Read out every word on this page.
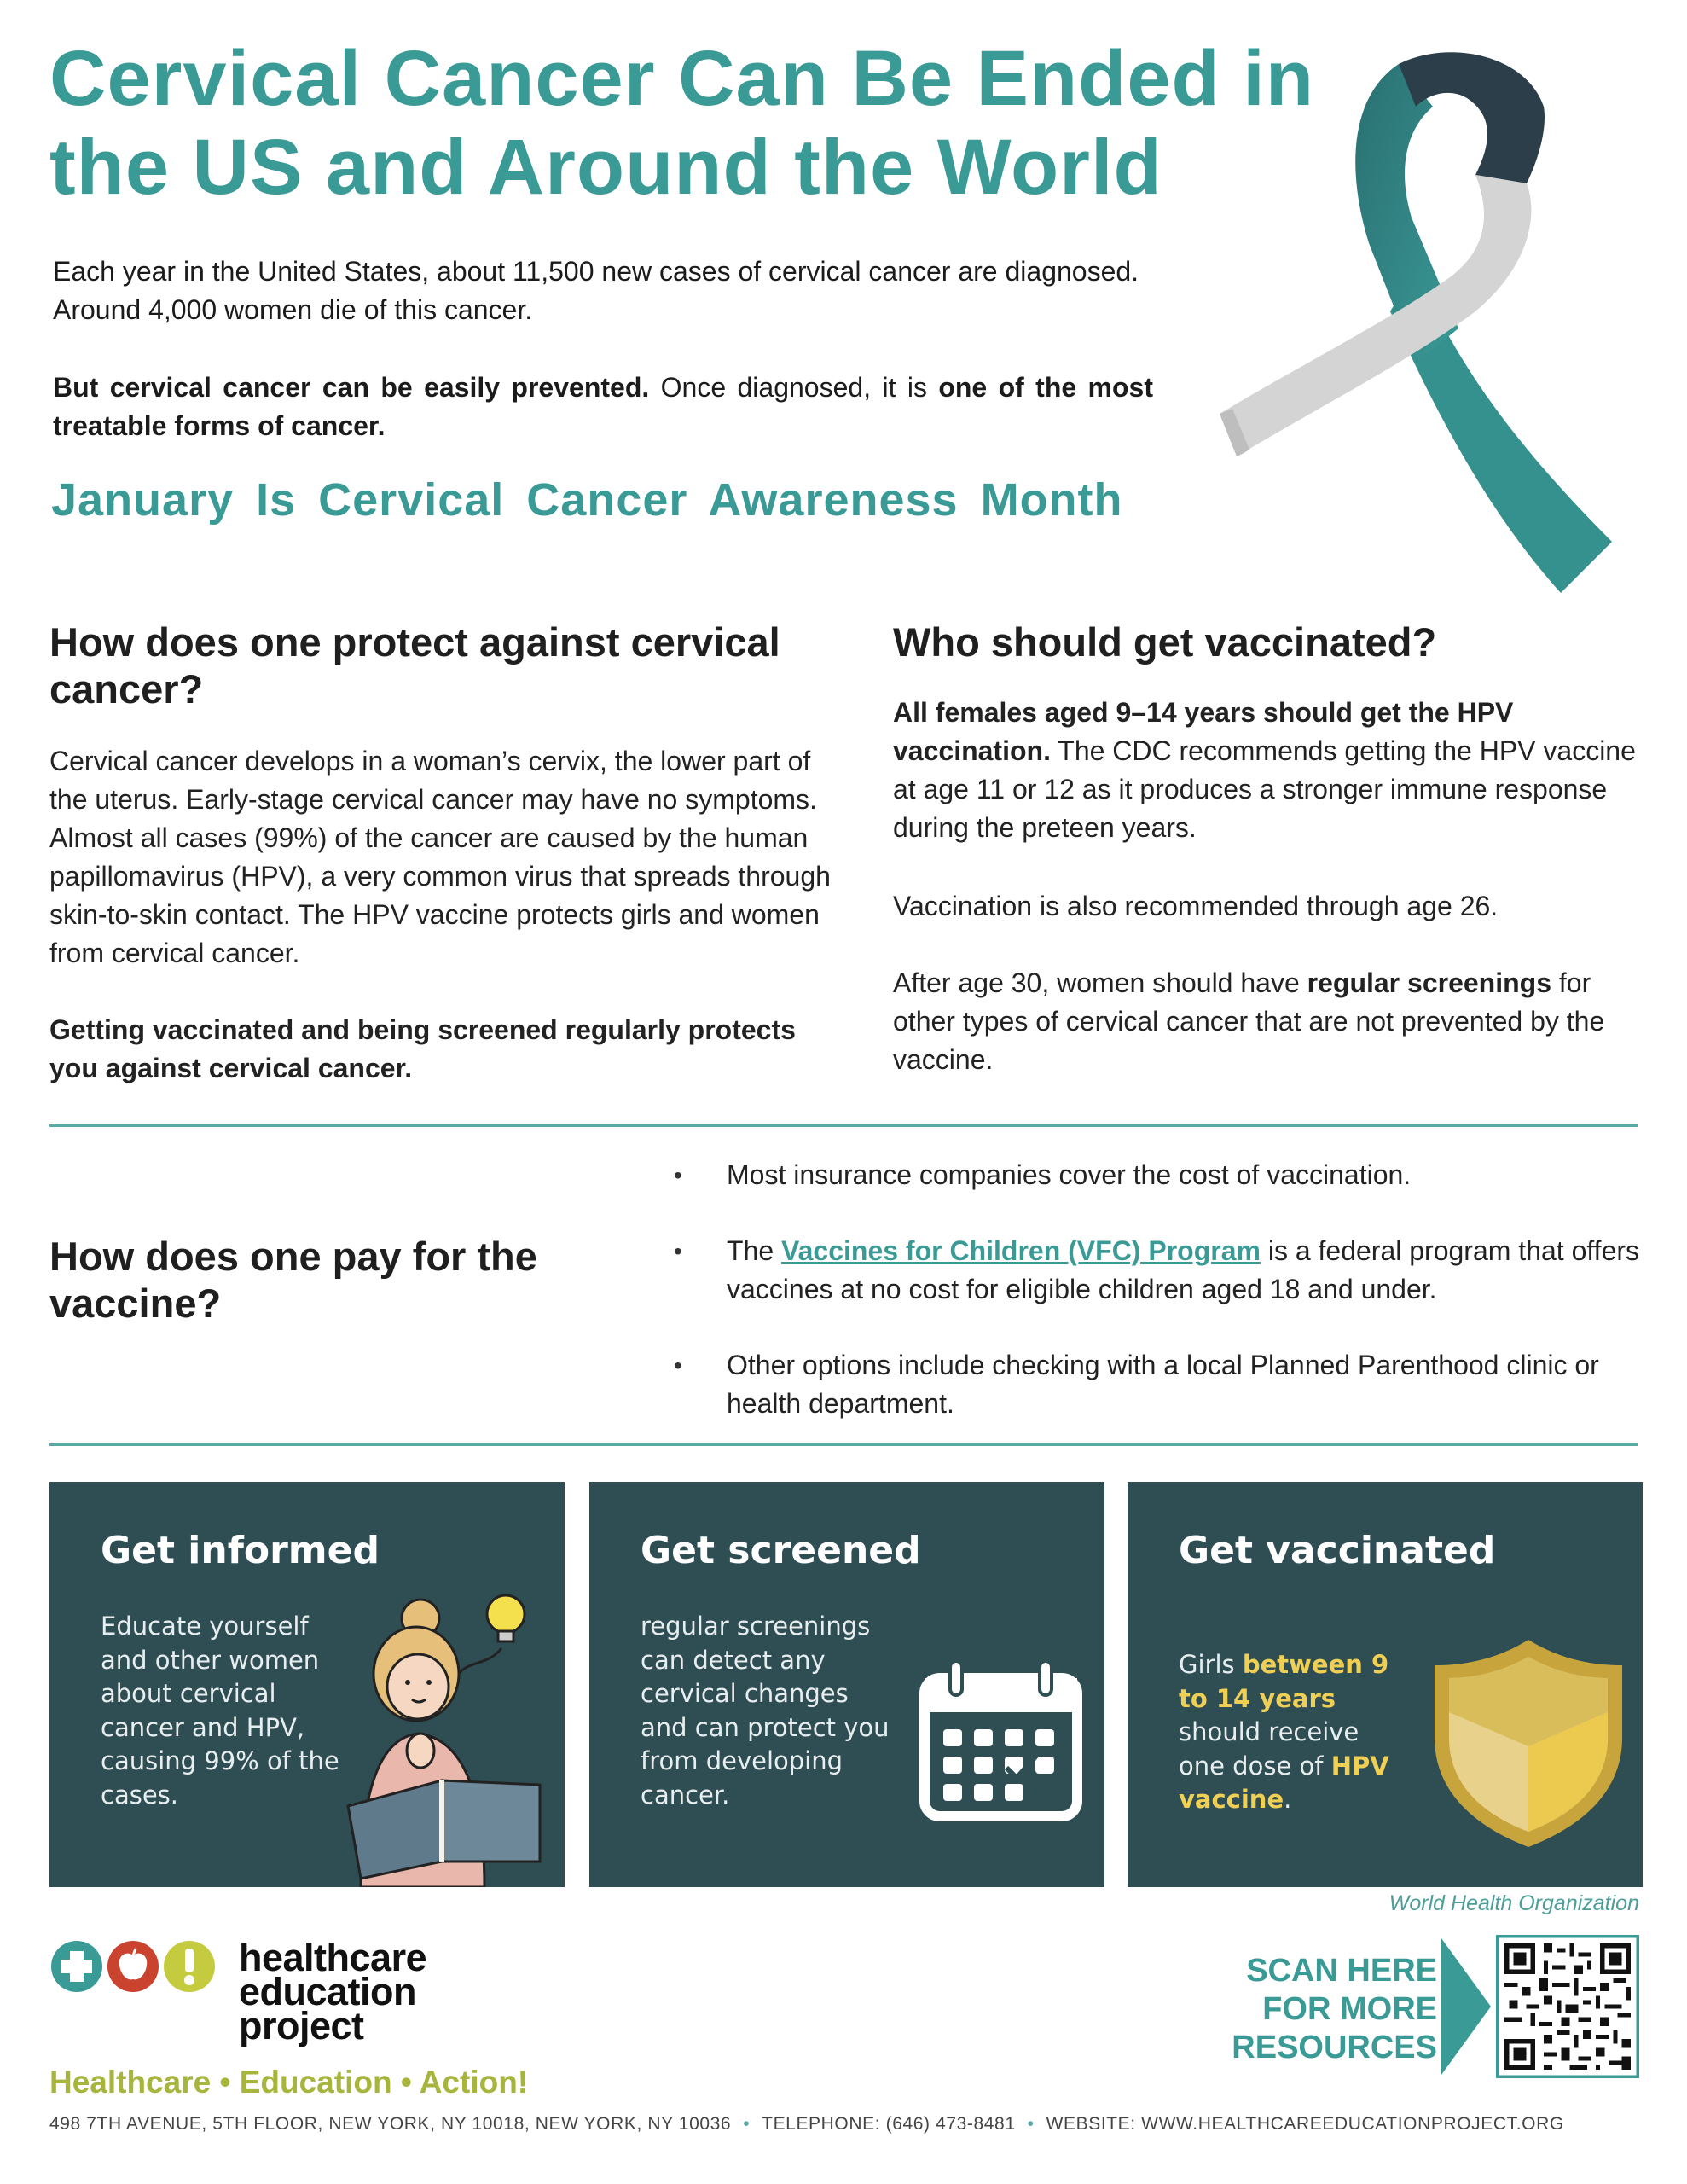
Cervical Cancer Can Be Ended in
the US and Around the World

Each year in the United States, about 11,500 new cases of cervical cancer are diagnosed. Around 4,000 women die of this cancer.

But cervical cancer can be easily prevented. Once diagnosed, it is one of the most treatable forms of cancer.

January Is Cervical Cancer Awareness Month
How does one protect against cervical cancer?

Cervical cancer develops in a woman’s cervix, the lower part of the uterus. Early-stage cervical cancer may have no symptoms. Almost all cases (99%) of the cancer are caused by the human papillomavirus (HPV), a very common virus that spreads through skin-to-skin contact. The HPV vaccine protects girls and women from cervical cancer.

Getting vaccinated and being screened regularly protects you against cervical cancer.

Who should get vaccinated?

All females aged 9–14 years should get the HPV vaccination. The CDC recommends getting the HPV vaccine at age 11 or 12 as it produces a stronger immune response during the preteen years.

Vaccination is also recommended through age 26.

After age 30, women should have regular screenings for other types of cervical cancer that are not prevented by the vaccine.

How does one pay for the vaccine?
• Most insurance companies cover the cost of vaccination.
• The Vaccines for Children (VFC) Program is a federal program that offers vaccines at no cost for eligible children aged 18 and under.
• Other options include checking with a local Planned Parenthood clinic or health department.
Get informed
Educate yourself and other women about cervical cancer and HPV, causing 99% of the cases.
Get screened
regular screenings can detect any cervical changes and can protect you from developing cancer.
Get vaccinated
Girls between 9 to 14 years should receive one dose of HPV vaccine.
World Health Organization
healthcare
education
project
Healthcare • Education • Action!
SCAN HERE
FOR MORE
RESOURCES
498 7TH AVENUE, 5TH FLOOR, NEW YORK, NY 10018, NEW YORK, NY 10036 • TELEPHONE: (646) 473-8481 • WEBSITE: WWW.HEALTHCAREEDUCATIONPROJECT.ORG
